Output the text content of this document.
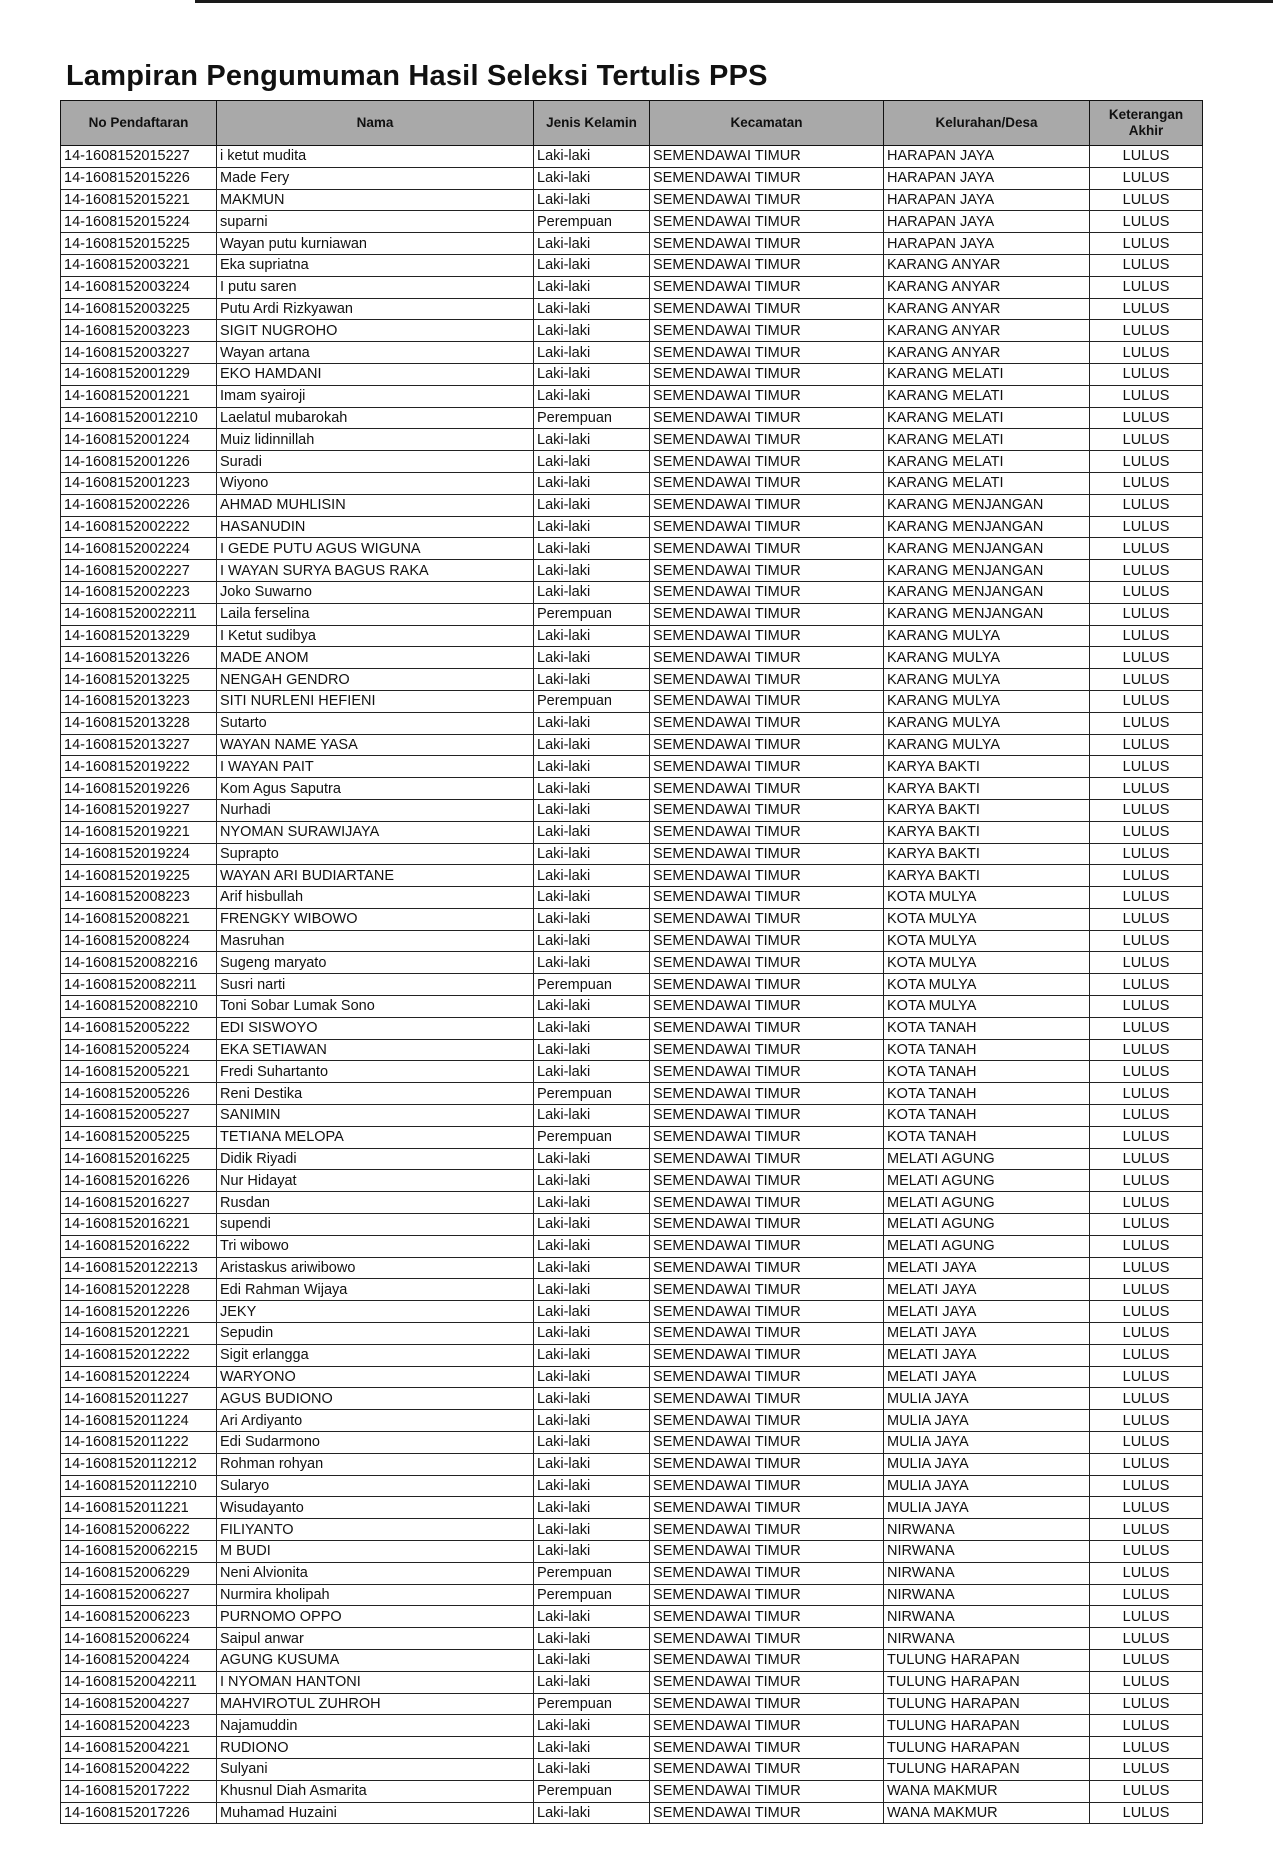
Lampiran Pengumuman Hasil Seleksi Tertulis PPS
No Pendaftaran	Nama	Jenis Kelamin	Kecamatan	Kelurahan/Desa	Keterangan Akhir
14-1608152015227	i ketut mudita	Laki-laki	SEMENDAWAI TIMUR	HARAPAN JAYA	LULUS
14-1608152015226	Made Fery	Laki-laki	SEMENDAWAI TIMUR	HARAPAN JAYA	LULUS
14-1608152015221	MAKMUN	Laki-laki	SEMENDAWAI TIMUR	HARAPAN JAYA	LULUS
14-1608152015224	suparni	Perempuan	SEMENDAWAI TIMUR	HARAPAN JAYA	LULUS
14-1608152015225	Wayan putu kurniawan	Laki-laki	SEMENDAWAI TIMUR	HARAPAN JAYA	LULUS
14-1608152003221	Eka supriatna	Laki-laki	SEMENDAWAI TIMUR	KARANG ANYAR	LULUS
14-1608152003224	I putu saren	Laki-laki	SEMENDAWAI TIMUR	KARANG ANYAR	LULUS
14-1608152003225	Putu Ardi Rizkyawan	Laki-laki	SEMENDAWAI TIMUR	KARANG ANYAR	LULUS
14-1608152003223	SIGIT NUGROHO	Laki-laki	SEMENDAWAI TIMUR	KARANG ANYAR	LULUS
14-1608152003227	Wayan artana	Laki-laki	SEMENDAWAI TIMUR	KARANG ANYAR	LULUS
14-1608152001229	EKO HAMDANI	Laki-laki	SEMENDAWAI TIMUR	KARANG MELATI	LULUS
14-1608152001221	Imam syairoji	Laki-laki	SEMENDAWAI TIMUR	KARANG MELATI	LULUS
14-16081520012210	Laelatul mubarokah	Perempuan	SEMENDAWAI TIMUR	KARANG MELATI	LULUS
14-1608152001224	Muiz lidinnillah	Laki-laki	SEMENDAWAI TIMUR	KARANG MELATI	LULUS
14-1608152001226	Suradi	Laki-laki	SEMENDAWAI TIMUR	KARANG MELATI	LULUS
14-1608152001223	Wiyono	Laki-laki	SEMENDAWAI TIMUR	KARANG MELATI	LULUS
14-1608152002226	AHMAD MUHLISIN	Laki-laki	SEMENDAWAI TIMUR	KARANG MENJANGAN	LULUS
14-1608152002222	HASANUDIN	Laki-laki	SEMENDAWAI TIMUR	KARANG MENJANGAN	LULUS
14-1608152002224	I GEDE PUTU AGUS WIGUNA	Laki-laki	SEMENDAWAI TIMUR	KARANG MENJANGAN	LULUS
14-1608152002227	I WAYAN SURYA BAGUS RAKA	Laki-laki	SEMENDAWAI TIMUR	KARANG MENJANGAN	LULUS
14-1608152002223	Joko Suwarno	Laki-laki	SEMENDAWAI TIMUR	KARANG MENJANGAN	LULUS
14-16081520022211	Laila ferselina	Perempuan	SEMENDAWAI TIMUR	KARANG MENJANGAN	LULUS
14-1608152013229	I Ketut sudibya	Laki-laki	SEMENDAWAI TIMUR	KARANG MULYA	LULUS
14-1608152013226	MADE ANOM	Laki-laki	SEMENDAWAI TIMUR	KARANG MULYA	LULUS
14-1608152013225	NENGAH GENDRO	Laki-laki	SEMENDAWAI TIMUR	KARANG MULYA	LULUS
14-1608152013223	SITI NURLENI HEFIENI	Perempuan	SEMENDAWAI TIMUR	KARANG MULYA	LULUS
14-1608152013228	Sutarto	Laki-laki	SEMENDAWAI TIMUR	KARANG MULYA	LULUS
14-1608152013227	WAYAN NAME YASA	Laki-laki	SEMENDAWAI TIMUR	KARANG MULYA	LULUS
14-1608152019222	I WAYAN PAIT	Laki-laki	SEMENDAWAI TIMUR	KARYA BAKTI	LULUS
14-1608152019226	Kom Agus Saputra	Laki-laki	SEMENDAWAI TIMUR	KARYA BAKTI	LULUS
14-1608152019227	Nurhadi	Laki-laki	SEMENDAWAI TIMUR	KARYA BAKTI	LULUS
14-1608152019221	NYOMAN SURAWIJAYA	Laki-laki	SEMENDAWAI TIMUR	KARYA BAKTI	LULUS
14-1608152019224	Suprapto	Laki-laki	SEMENDAWAI TIMUR	KARYA BAKTI	LULUS
14-1608152019225	WAYAN ARI BUDIARTANE	Laki-laki	SEMENDAWAI TIMUR	KARYA BAKTI	LULUS
14-1608152008223	Arif hisbullah	Laki-laki	SEMENDAWAI TIMUR	KOTA MULYA	LULUS
14-1608152008221	FRENGKY WIBOWO	Laki-laki	SEMENDAWAI TIMUR	KOTA MULYA	LULUS
14-1608152008224	Masruhan	Laki-laki	SEMENDAWAI TIMUR	KOTA MULYA	LULUS
14-16081520082216	Sugeng maryato	Laki-laki	SEMENDAWAI TIMUR	KOTA MULYA	LULUS
14-16081520082211	Susri narti	Perempuan	SEMENDAWAI TIMUR	KOTA MULYA	LULUS
14-16081520082210	Toni Sobar Lumak Sono	Laki-laki	SEMENDAWAI TIMUR	KOTA MULYA	LULUS
14-1608152005222	EDI SISWOYO	Laki-laki	SEMENDAWAI TIMUR	KOTA TANAH	LULUS
14-1608152005224	EKA SETIAWAN	Laki-laki	SEMENDAWAI TIMUR	KOTA TANAH	LULUS
14-1608152005221	Fredi Suhartanto	Laki-laki	SEMENDAWAI TIMUR	KOTA TANAH	LULUS
14-1608152005226	Reni Destika	Perempuan	SEMENDAWAI TIMUR	KOTA TANAH	LULUS
14-1608152005227	SANIMIN	Laki-laki	SEMENDAWAI TIMUR	KOTA TANAH	LULUS
14-1608152005225	TETIANA MELOPA	Perempuan	SEMENDAWAI TIMUR	KOTA TANAH	LULUS
14-1608152016225	Didik Riyadi	Laki-laki	SEMENDAWAI TIMUR	MELATI AGUNG	LULUS
14-1608152016226	Nur Hidayat	Laki-laki	SEMENDAWAI TIMUR	MELATI AGUNG	LULUS
14-1608152016227	Rusdan	Laki-laki	SEMENDAWAI TIMUR	MELATI AGUNG	LULUS
14-1608152016221	supendi	Laki-laki	SEMENDAWAI TIMUR	MELATI AGUNG	LULUS
14-1608152016222	Tri wibowo	Laki-laki	SEMENDAWAI TIMUR	MELATI AGUNG	LULUS
14-16081520122213	Aristaskus ariwibowo	Laki-laki	SEMENDAWAI TIMUR	MELATI JAYA	LULUS
14-1608152012228	Edi Rahman Wijaya	Laki-laki	SEMENDAWAI TIMUR	MELATI JAYA	LULUS
14-1608152012226	JEKY	Laki-laki	SEMENDAWAI TIMUR	MELATI JAYA	LULUS
14-1608152012221	Sepudin	Laki-laki	SEMENDAWAI TIMUR	MELATI JAYA	LULUS
14-1608152012222	Sigit erlangga	Laki-laki	SEMENDAWAI TIMUR	MELATI JAYA	LULUS
14-1608152012224	WARYONO	Laki-laki	SEMENDAWAI TIMUR	MELATI JAYA	LULUS
14-1608152011227	AGUS BUDIONO	Laki-laki	SEMENDAWAI TIMUR	MULIA JAYA	LULUS
14-1608152011224	Ari Ardiyanto	Laki-laki	SEMENDAWAI TIMUR	MULIA JAYA	LULUS
14-1608152011222	Edi Sudarmono	Laki-laki	SEMENDAWAI TIMUR	MULIA JAYA	LULUS
14-16081520112212	Rohman rohyan	Laki-laki	SEMENDAWAI TIMUR	MULIA JAYA	LULUS
14-16081520112210	Sularyo	Laki-laki	SEMENDAWAI TIMUR	MULIA JAYA	LULUS
14-1608152011221	Wisudayanto	Laki-laki	SEMENDAWAI TIMUR	MULIA JAYA	LULUS
14-1608152006222	FILIYANTO	Laki-laki	SEMENDAWAI TIMUR	NIRWANA	LULUS
14-16081520062215	M BUDI	Laki-laki	SEMENDAWAI TIMUR	NIRWANA	LULUS
14-1608152006229	Neni Alvionita	Perempuan	SEMENDAWAI TIMUR	NIRWANA	LULUS
14-1608152006227	Nurmira kholipah	Perempuan	SEMENDAWAI TIMUR	NIRWANA	LULUS
14-1608152006223	PURNOMO OPPO	Laki-laki	SEMENDAWAI TIMUR	NIRWANA	LULUS
14-1608152006224	Saipul anwar	Laki-laki	SEMENDAWAI TIMUR	NIRWANA	LULUS
14-1608152004224	AGUNG KUSUMA	Laki-laki	SEMENDAWAI TIMUR	TULUNG HARAPAN	LULUS
14-16081520042211	I NYOMAN HANTONI	Laki-laki	SEMENDAWAI TIMUR	TULUNG HARAPAN	LULUS
14-1608152004227	MAHVIROTUL ZUHROH	Perempuan	SEMENDAWAI TIMUR	TULUNG HARAPAN	LULUS
14-1608152004223	Najamuddin	Laki-laki	SEMENDAWAI TIMUR	TULUNG HARAPAN	LULUS
14-1608152004221	RUDIONO	Laki-laki	SEMENDAWAI TIMUR	TULUNG HARAPAN	LULUS
14-1608152004222	Sulyani	Laki-laki	SEMENDAWAI TIMUR	TULUNG HARAPAN	LULUS
14-1608152017222	Khusnul Diah Asmarita	Perempuan	SEMENDAWAI TIMUR	WANA MAKMUR	LULUS
14-1608152017226	Muhamad Huzaini	Laki-laki	SEMENDAWAI TIMUR	WANA MAKMUR	LULUS
